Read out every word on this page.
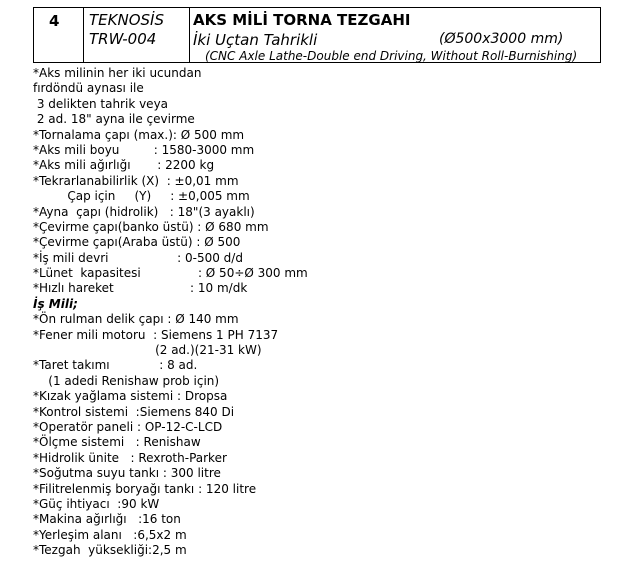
4 TEKNOSİS
TRW-004
AKS MİLİ TORNA TEZGAHI
İki Uçtan Tahrikli	(Ø500x3000 mm)
(CNC Axle Lathe-Double end Driving, Without Roll-Burnishing)
*Aks milinin her iki ucundan
fırdöndü aynası ile
3 delikten tahrik veya
2 ad. 18" ayna ile çevirme
*Tornalama çapı (max.): Ø 500 mm
*Aks mili boyu         : 1580-3000 mm
*Aks mili ağırlığı       : 2200 kg
*Tekrarlanabilirlik (X)  : ±0,01 mm
Çap için     (Y)     : ±0,005 mm
*Ayna  çapı (hidrolik)   : 18"(3 ayaklı)
*Çevirme çapı(banko üstü) : Ø 680 mm
*Çevirme çapı(Araba üstü) : Ø 500
*İş mili devri                  : 0-500 d/d
*Lünet  kapasitesi               : Ø 50÷Ø 300 mm
*Hızlı hareket                    : 10 m/dk
İş Mili;
*Ön rulman delik çapı : Ø 140 mm
*Fener mili motoru  : Siemens 1 PH 7137
(2 ad.)(21-31 kW)
*Taret takımı             : 8 ad.
(1 adedi Renishaw prob için)
*Kızak yağlama sistemi : Dropsa
*Kontrol sistemi  :Siemens 840 Di
*Operatör paneli : OP-12-C-LCD
*Ölçme sistemi   : Renishaw
*Hidrolik ünite   : Rexroth-Parker
*Soğutma suyu tankı : 300 litre
*Filitrelenmiş boryağı tankı : 120 litre
*Güç ihtiyacı  :90 kW
*Makina ağırlığı   :16 ton
*Yerleşim alanı   :6,5x2 m
*Tezgah  yüksekliği:2,5 m
